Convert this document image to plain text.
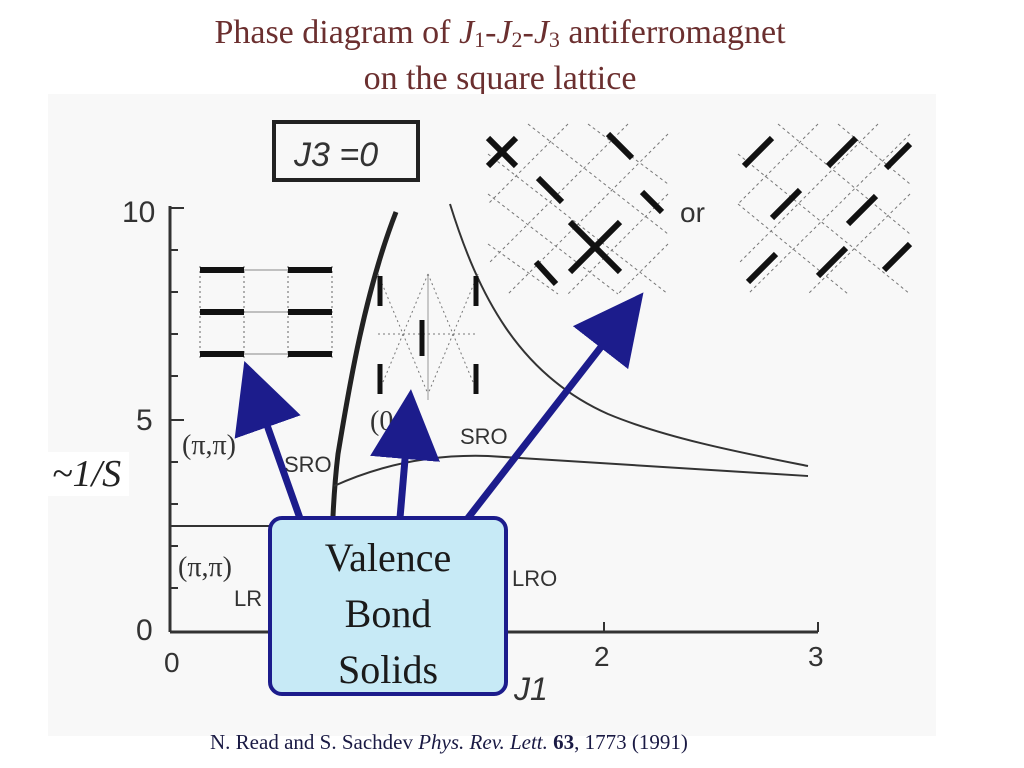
Phase diagram of $J_1-J_2-J_3$ antiferromagnet
on the square lattice
J3 =0
10
5
0
0	2	3
J1
or
(π,π)
SRO
(0,π) SRO
(π,π)
LR
LRO
~1/S
Valence
Bond
Solids
N. Read and S. Sachdev Phys. Rev. Lett. 63, 1773 (1991)
